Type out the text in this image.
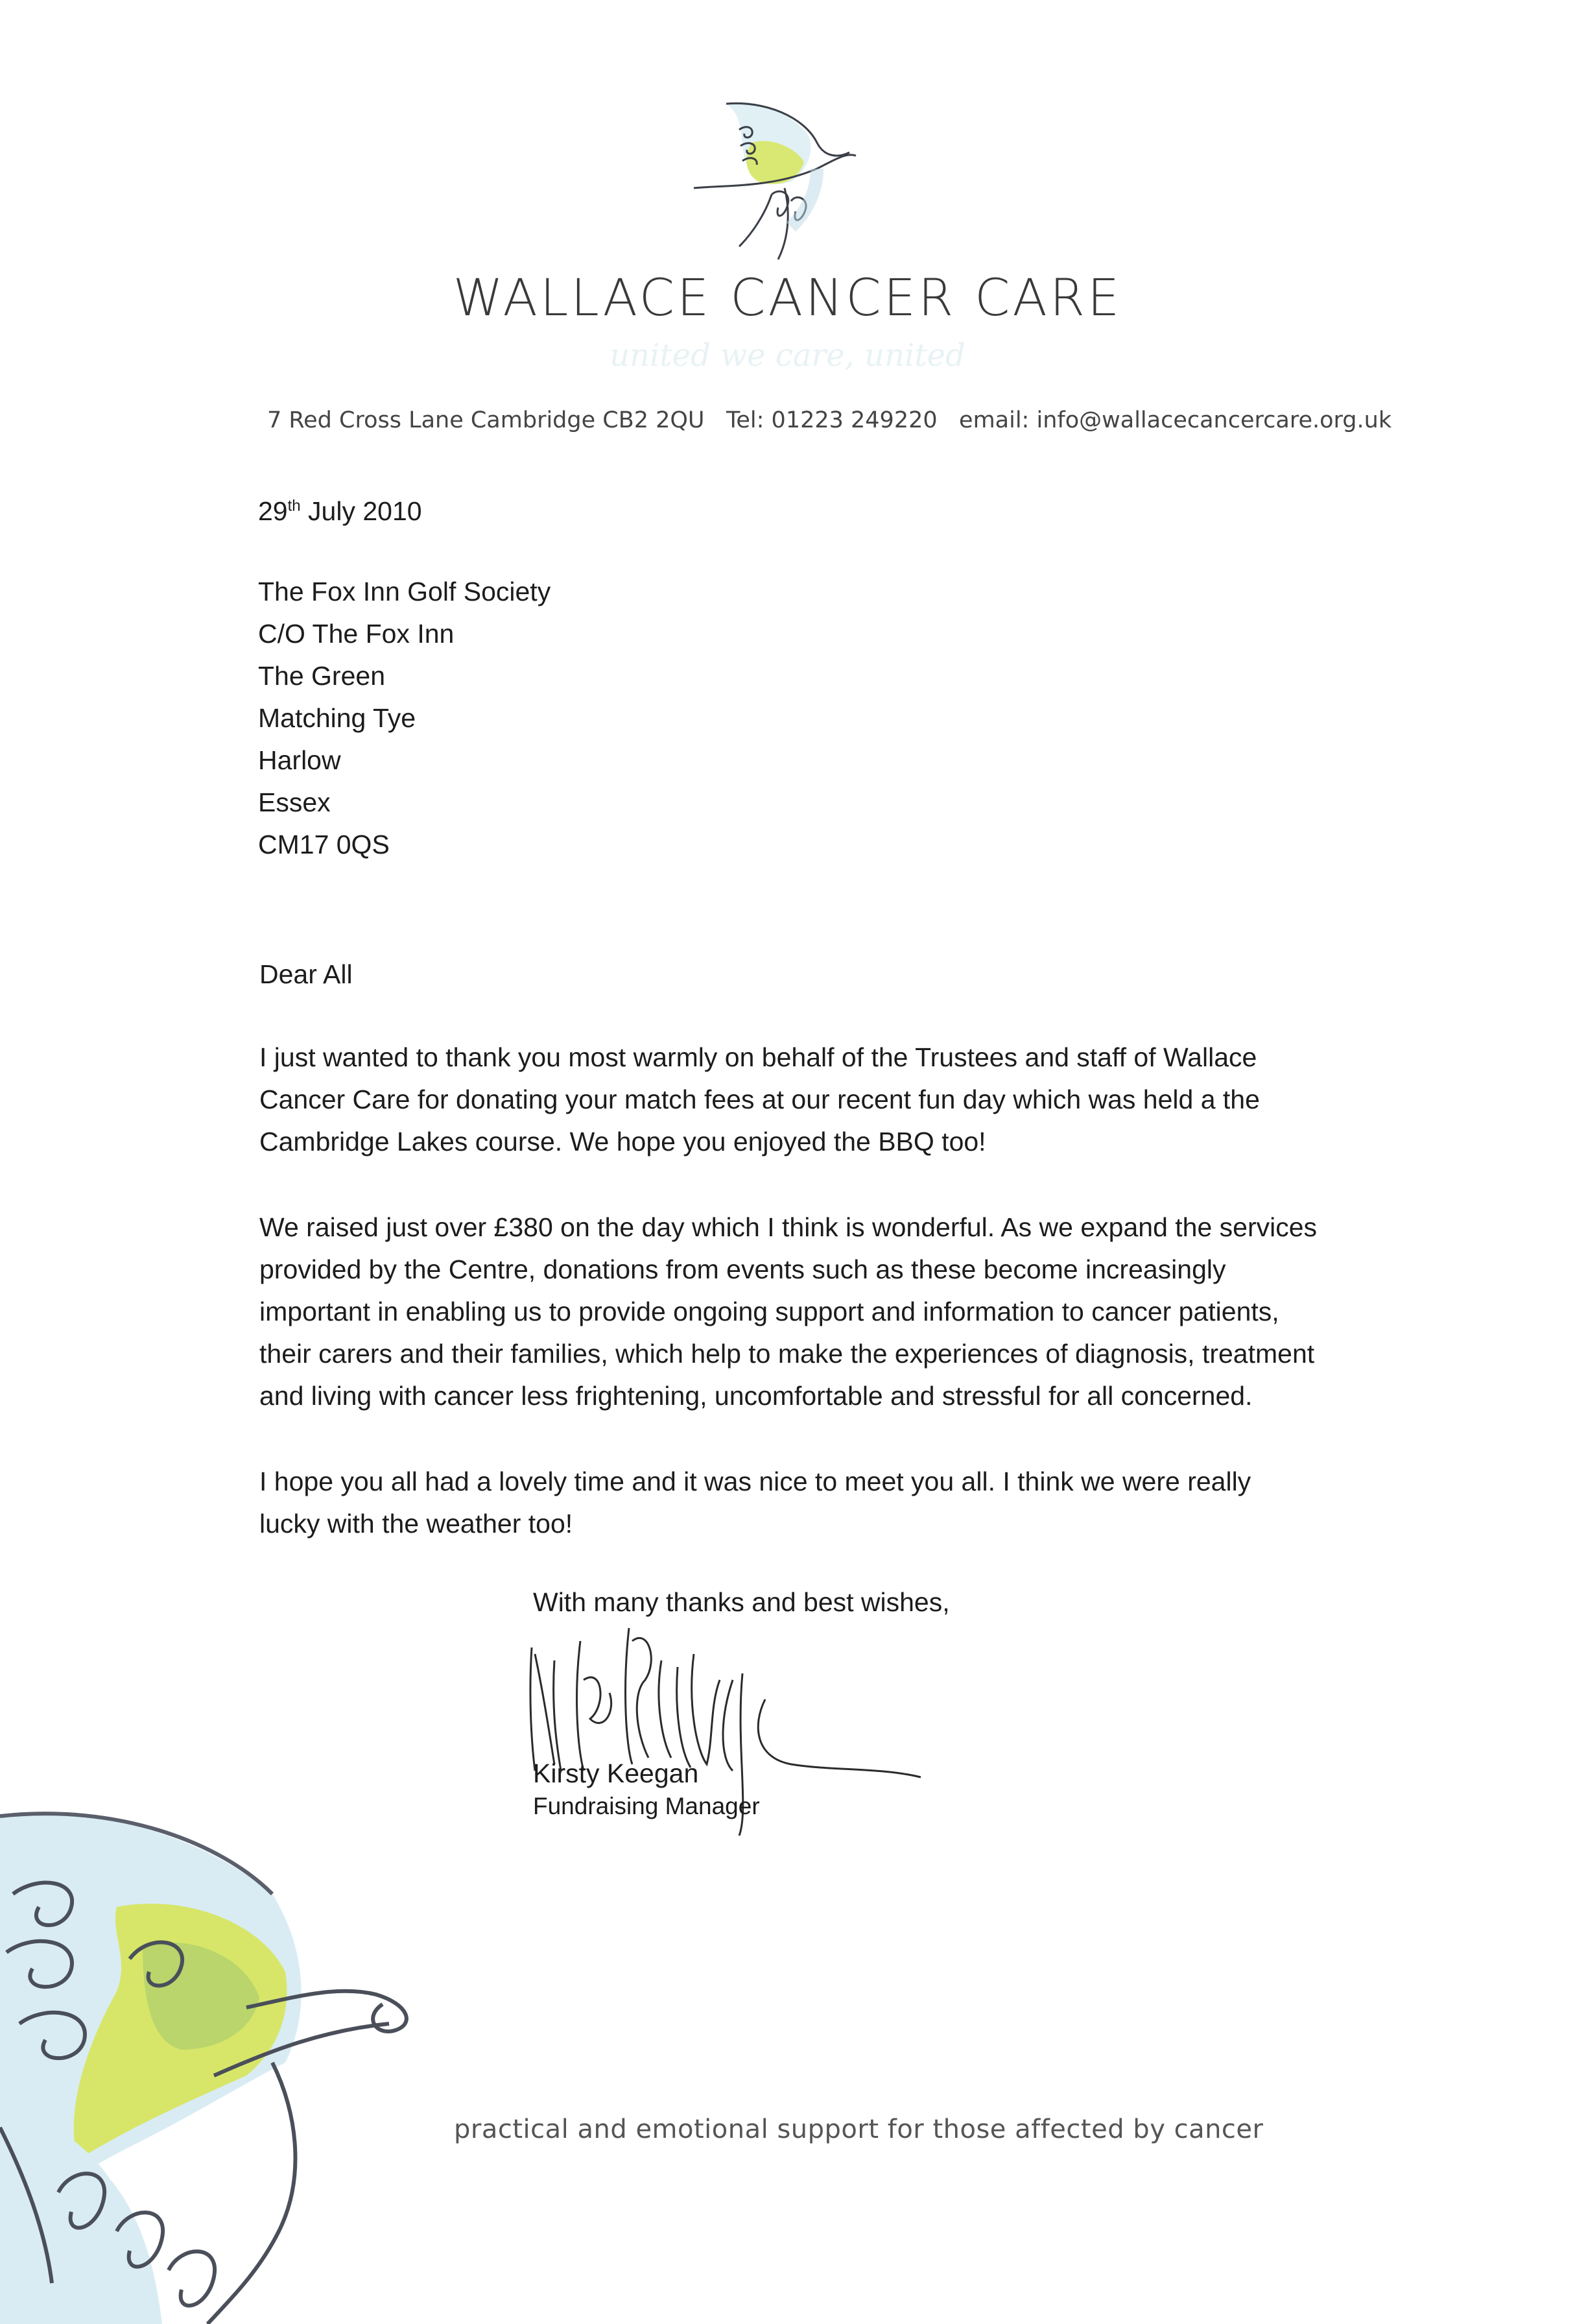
WALLACE CANCER CARE
united we care, united
7 Red Cross Lane Cambridge CB2 2QU Tel: 01223 249220 email: info@wallacecancercare.org.uk
29th July 2010
The Fox Inn Golf Society
C/O The Fox Inn
The Green
Matching Tye
Harlow
Essex
CM17 0QS
Dear All
I just wanted to thank you most warmly on behalf of the Trustees and staff of Wallace
Cancer Care for donating your match fees at our recent fun day which was held a the
Cambridge Lakes course. We hope you enjoyed the BBQ too!
We raised just over £380 on the day which I think is wonderful. As we expand the services
provided by the Centre, donations from events such as these become increasingly
important in enabling us to provide ongoing support and information to cancer patients,
their carers and their families, which help to make the experiences of diagnosis, treatment
and living with cancer less frightening, uncomfortable and stressful for all concerned.
I hope you all had a lovely time and it was nice to meet you all. I think we were really
lucky with the weather too!
With many thanks and best wishes,
Kirsty Keegan
Fundraising Manager
practical and emotional support for those affected by cancer
